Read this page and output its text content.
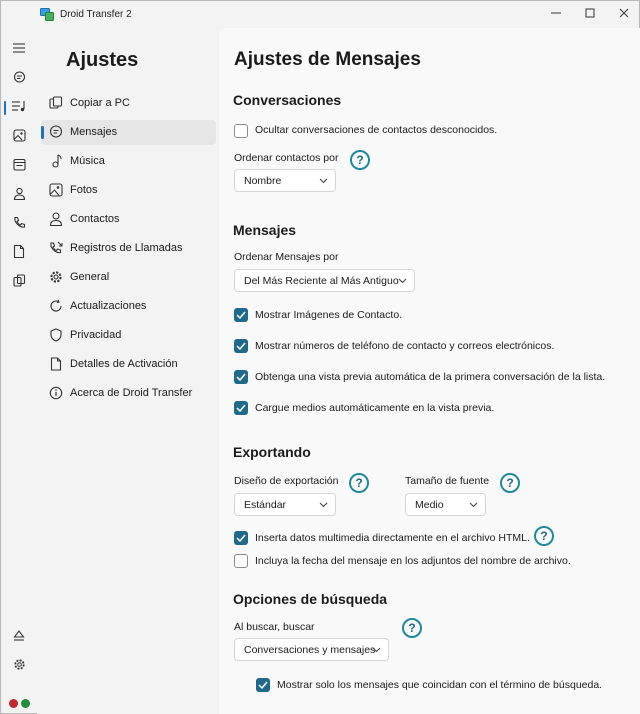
Droid Transfer 2
Ajustes
Copiar a PC
Mensajes
Música
Fotos
Contactos
Registros de Llamadas
General
Actualizaciones
Privacidad
Detalles de Activación
Acerca de Droid Transfer
Ajustes de Mensajes
Conversaciones
Ocultar conversaciones de contactos desconocidos.
Ordenar contactos por	?
Nombre
Mensajes
Ordenar Mensajes por
Del Más Reciente al Más Antiguo
Mostrar Imágenes de Contacto.
Mostrar números de teléfono de contacto y correos electrónicos.
Obtenga una vista previa automática de la primera conversación de la lista.
Cargue medios automáticamente en la vista previa.
Exportando
Diseño de exportación	?
Estándar
Tamaño de fuente	?
Medio
Inserta datos multimedia directamente en el archivo HTML. ?
Incluya la fecha del mensaje en los adjuntos del nombre de archivo.
Opciones de búsqueda
Al buscar, buscar	?
Conversaciones y mensajes
Mostrar solo los mensajes que coincidan con el término de búsqueda.
